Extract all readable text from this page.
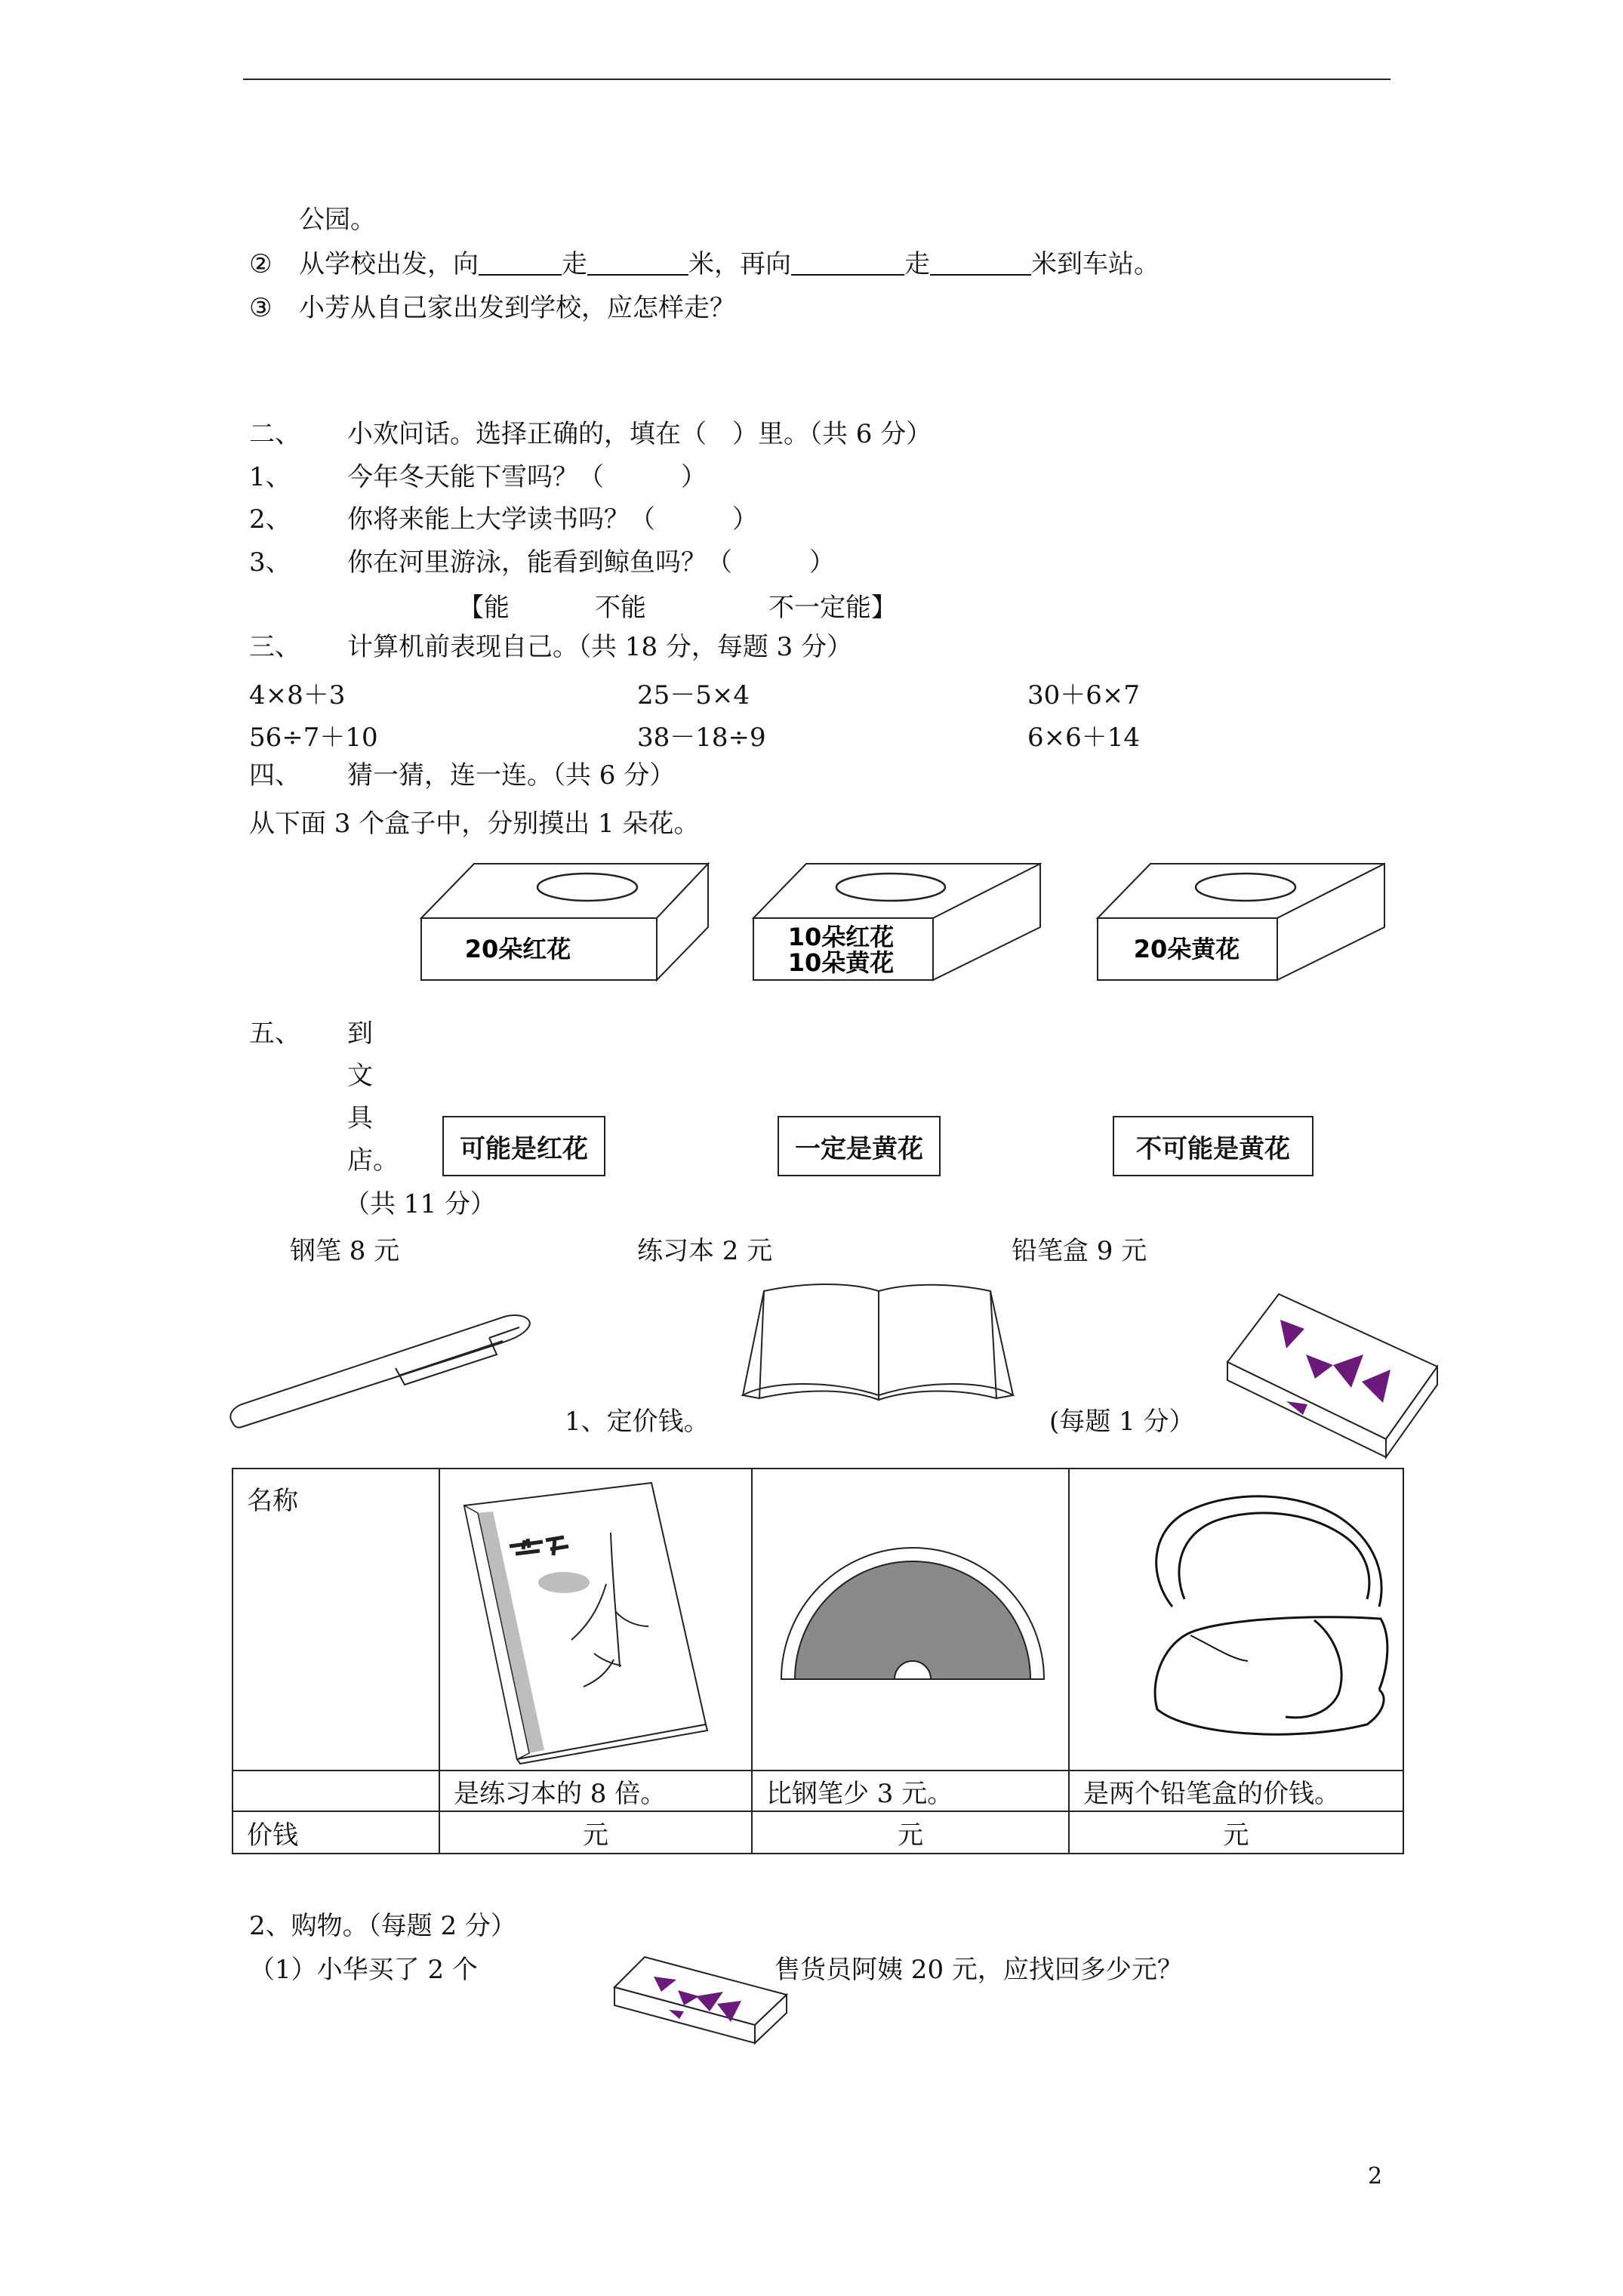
公园。
② 从学校出发，向	走	米，再向	走	米到车站。
③ 小芳从自己家出发到学校，应怎样走？
二、 小欢问话。选择正确的，填在（　）里。（共 6 分）
1、 今年冬天能下雪吗？（　　　）
2、 你将来能上大学读书吗？（　　　）
3、 你在河里游泳，能看到鲸鱼吗？（　　　）
【能	不能	不一定能】
三、 计算机前表现自己。（共 18 分，每题 3 分）
4×8＋3	25－5×4	30＋6×7
56÷7＋10	38－18÷9	6×6＋14
四、 猜一猜，连一连。（共 6 分）
从下面 3 个盒子中，分别摸出 1 朵花。
20朵红花	10朵红花
10朵黄花	20朵黄花
五、 到
文
具
店。
（共 11 分）
可能是红花	一定是黄花	不可能是黄花
钢笔 8 元	练习本 2 元	铅笔盒 9 元
1、定价钱。	(每题 1 分）
名称	

	是练习本的 8 倍。	比钢笔少 3 元。	是两个铅笔盒的价钱。
价钱	元	元	元
2、购物。（每题 2 分）
（1）小华买了 2 个	售货员阿姨 20 元，应找回多少元？
2
